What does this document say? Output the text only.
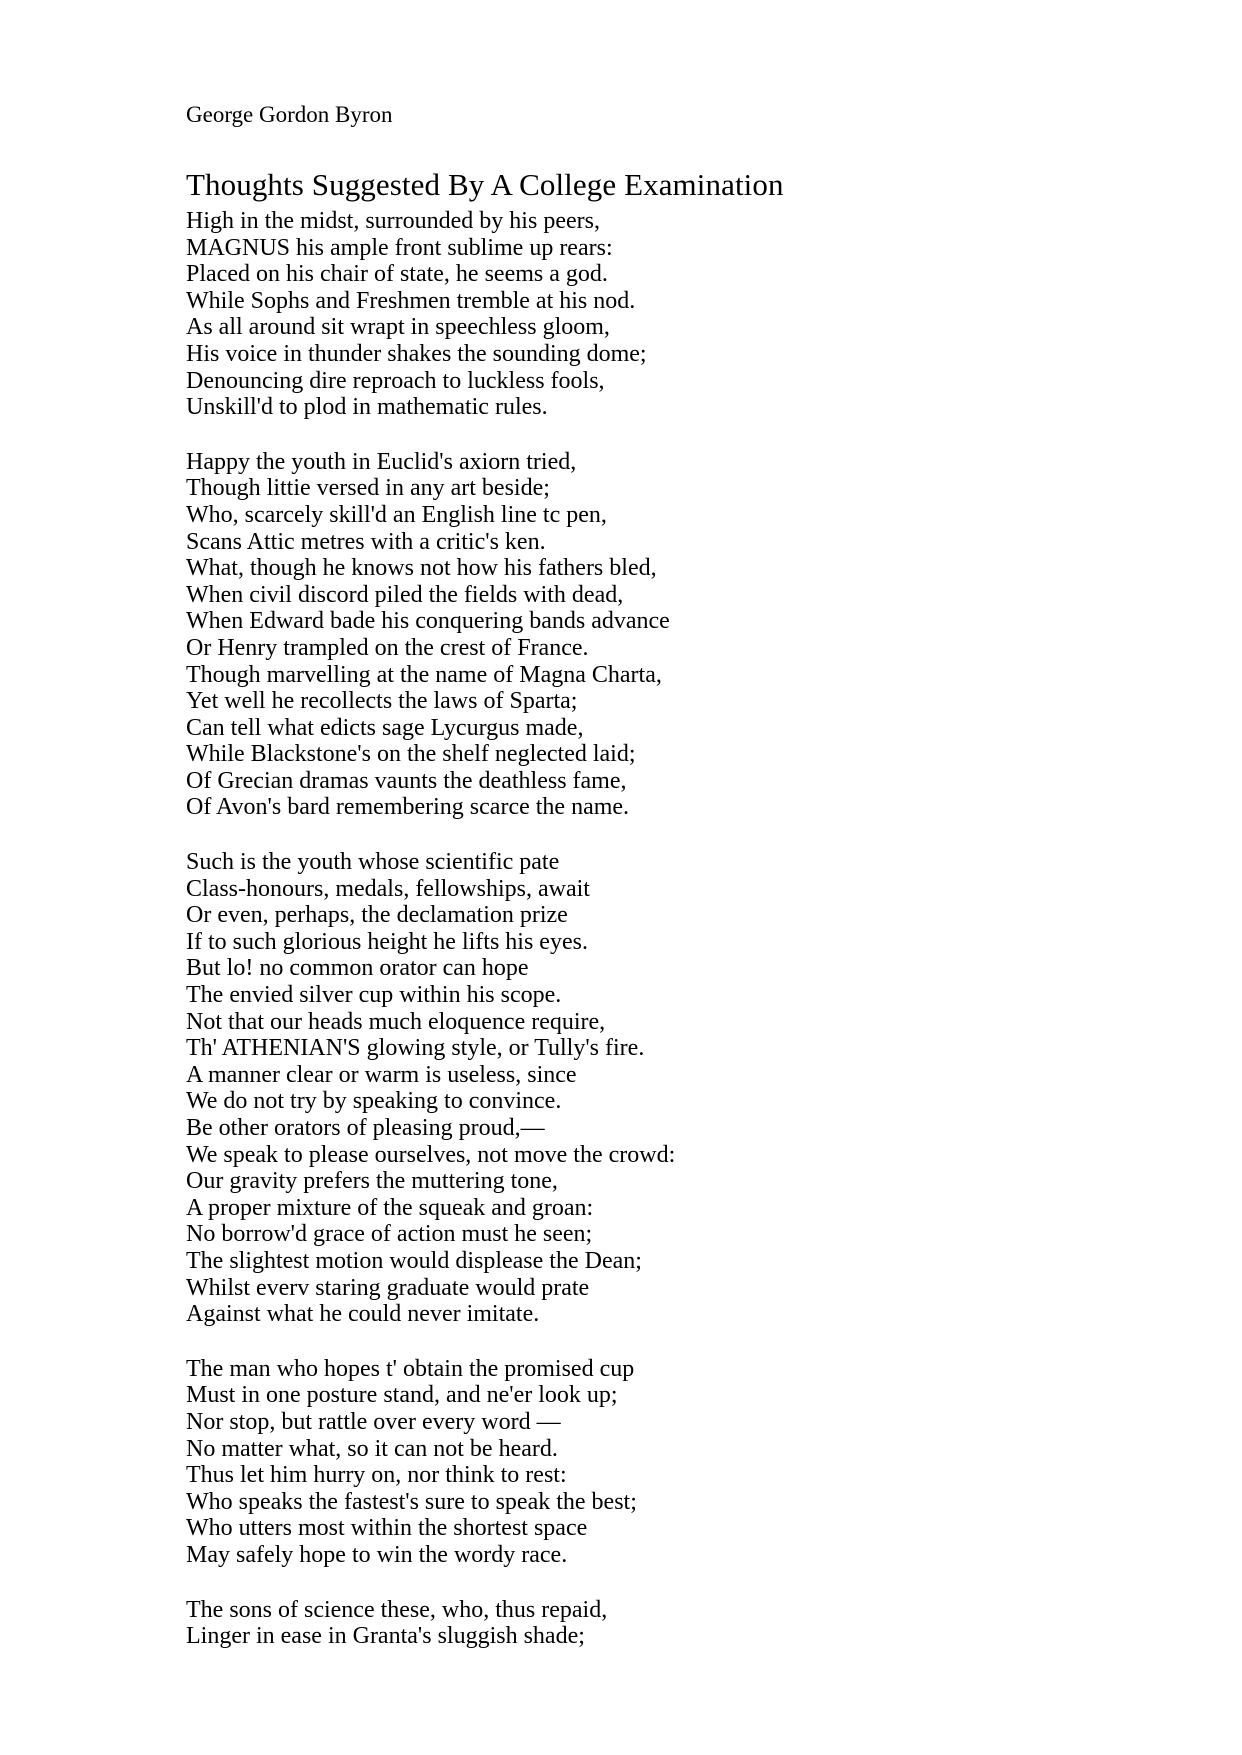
George Gordon Byron
Thoughts Suggested By A College Examination
High in the midst, surrounded by his peers,
MAGNUS his ample front sublime up rears:
Placed on his chair of state, he seems a god.
While Sophs and Freshmen tremble at his nod.
As all around sit wrapt in speechless gloom,
His voice in thunder shakes the sounding dome;
Denouncing dire reproach to luckless fools,
Unskill'd to plod in mathematic rules.
Happy the youth in Euclid's axiorn tried,
Though littie versed in any art beside;
Who, scarcely skill'd an English line tc pen,
Scans Attic metres with a critic's ken.
What, though he knows not how his fathers bled,
When civil discord piled the fields with dead,
When Edward bade his conquering bands advance
Or Henry trampled on the crest of France.
Though marvelling at the name of Magna Charta,
Yet well he recollects the laws of Sparta;
Can tell what edicts sage Lycurgus made,
While Blackstone's on the shelf neglected laid;
Of Grecian dramas vaunts the deathless fame,
Of Avon's bard remembering scarce the name.
Such is the youth whose scientific pate
Class-honours, medals, fellowships, await
Or even, perhaps, the declamation prize
If to such glorious height he lifts his eyes.
But lo! no common orator can hope
The envied silver cup within his scope.
Not that our heads much eloquence require,
Th' ATHENIAN'S glowing style, or Tully's fire.
A manner clear or warm is useless, since
We do not try by speaking to convince.
Be other orators of pleasing proud,—
We speak to please ourselves, not move the crowd:
Our gravity prefers the muttering tone,
A proper mixture of the squeak and groan:
No borrow'd grace of action must he seen;
The slightest motion would displease the Dean;
Whilst everv staring graduate would prate
Against what he could never imitate.
The man who hopes t' obtain the promised cup
Must in one posture stand, and ne'er look up;
Nor stop, but rattle over every word —
No matter what, so it can not be heard.
Thus let him hurry on, nor think to rest:
Who speaks the fastest's sure to speak the best;
Who utters most within the shortest space
May safely hope to win the wordy race.
The sons of science these, who, thus repaid,
Linger in ease in Granta's sluggish shade;
